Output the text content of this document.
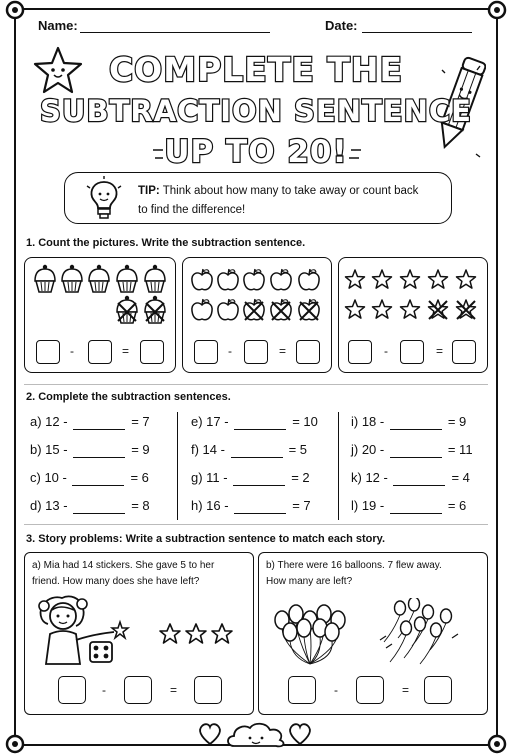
Name:	Date:
COMPLETE THE
SUBTRACTION SENTENCE
UP TO 20!
TIP: Think about how many to take away or count back
to find the difference!
1. Count the pictures. Write the subtraction sentence.
-	=	-	=	-	=
2. Complete the subtraction sentences.
a) 12 -	= 7
b) 15 -	= 9
c) 10 -	= 6
d) 13 -	= 8
e) 17 -	= 10
f) 14 -	= 5
g) 11 -	= 2
h) 16 -	= 7
i) 18 -	= 9
j) 20 -	= 11
k) 12 -	= 4
l) 19 -	= 6
3. Story problems: Write a subtraction sentence to match each story.
a) Mia had 14 stickers. She gave 5 to her
friend. How many does she have left?
b) There were 16 balloons. 7 flew away.
How many are left?
-	=	-	=
